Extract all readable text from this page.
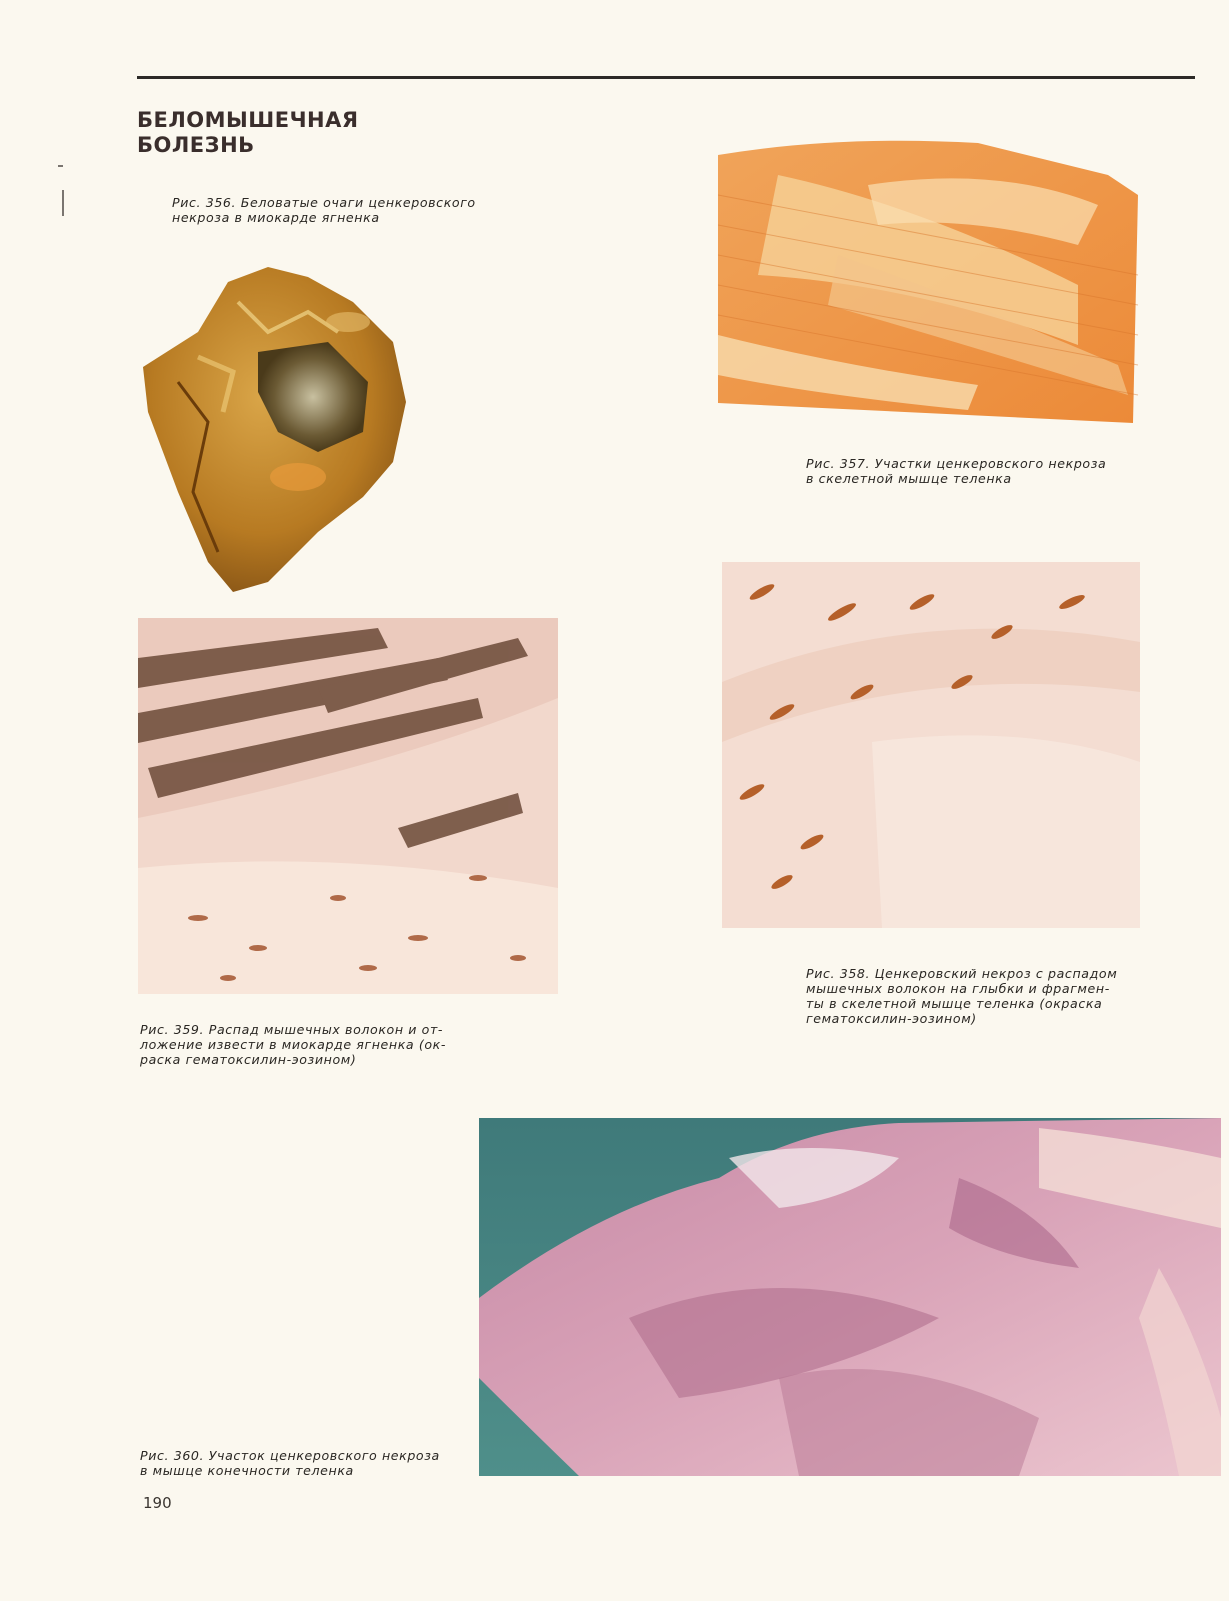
БЕЛОМЫШЕЧНАЯ
БОЛЕЗНЬ
Рис. 356. Беловатые очаги ценкеровского
некроза в миокарде ягненка
Рис. 357. Участки ценкеровского некроза
в скелетной мышце теленка
Рис. 359. Распад мышечных волокон и от-
ложение извести в миокарде ягненка (ок-
раска гематоксилин-эозином)
Рис. 358. Ценкеровский некроз с распадом
мышечных волокон на глыбки и фрагмен-
ты в скелетной мышце теленка (окраска
гематоксилин-эозином)
Рис. 360. Участок ценкеровского некроза
в мышце конечности теленка
190
